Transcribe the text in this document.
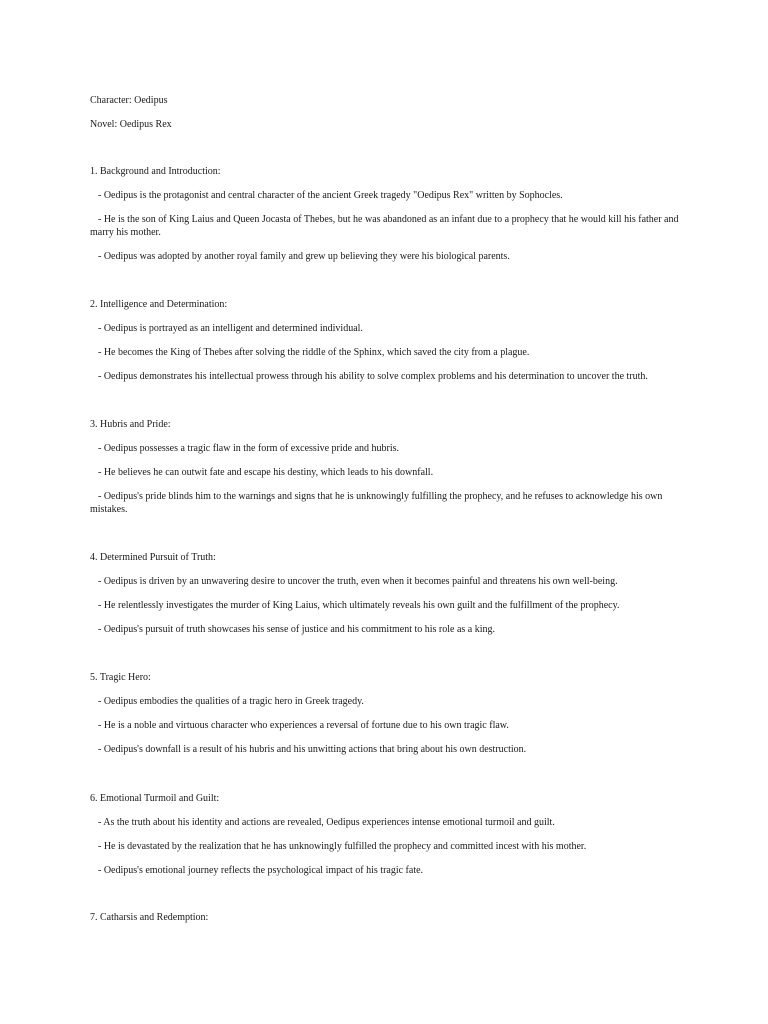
Character: Oedipus
Novel: Oedipus Rex
1. Background and Introduction:
- Oedipus is the protagonist and central character of the ancient Greek tragedy "Oedipus Rex" written by Sophocles.
- He is the son of King Laius and Queen Jocasta of Thebes, but he was abandoned as an infant due to a prophecy that he would kill his father and marry his mother.
- Oedipus was adopted by another royal family and grew up believing they were his biological parents.
2. Intelligence and Determination:
- Oedipus is portrayed as an intelligent and determined individual.
- He becomes the King of Thebes after solving the riddle of the Sphinx, which saved the city from a plague.
- Oedipus demonstrates his intellectual prowess through his ability to solve complex problems and his determination to uncover the truth.
3. Hubris and Pride:
- Oedipus possesses a tragic flaw in the form of excessive pride and hubris.
- He believes he can outwit fate and escape his destiny, which leads to his downfall.
- Oedipus's pride blinds him to the warnings and signs that he is unknowingly fulfilling the prophecy, and he refuses to acknowledge his own mistakes.
4. Determined Pursuit of Truth:
- Oedipus is driven by an unwavering desire to uncover the truth, even when it becomes painful and threatens his own well-being.
- He relentlessly investigates the murder of King Laius, which ultimately reveals his own guilt and the fulfillment of the prophecy.
- Oedipus's pursuit of truth showcases his sense of justice and his commitment to his role as a king.
5. Tragic Hero:
- Oedipus embodies the qualities of a tragic hero in Greek tragedy.
- He is a noble and virtuous character who experiences a reversal of fortune due to his own tragic flaw.
- Oedipus's downfall is a result of his hubris and his unwitting actions that bring about his own destruction.
6. Emotional Turmoil and Guilt:
- As the truth about his identity and actions are revealed, Oedipus experiences intense emotional turmoil and guilt.
- He is devastated by the realization that he has unknowingly fulfilled the prophecy and committed incest with his mother.
- Oedipus's emotional journey reflects the psychological impact of his tragic fate.
7. Catharsis and Redemption:
